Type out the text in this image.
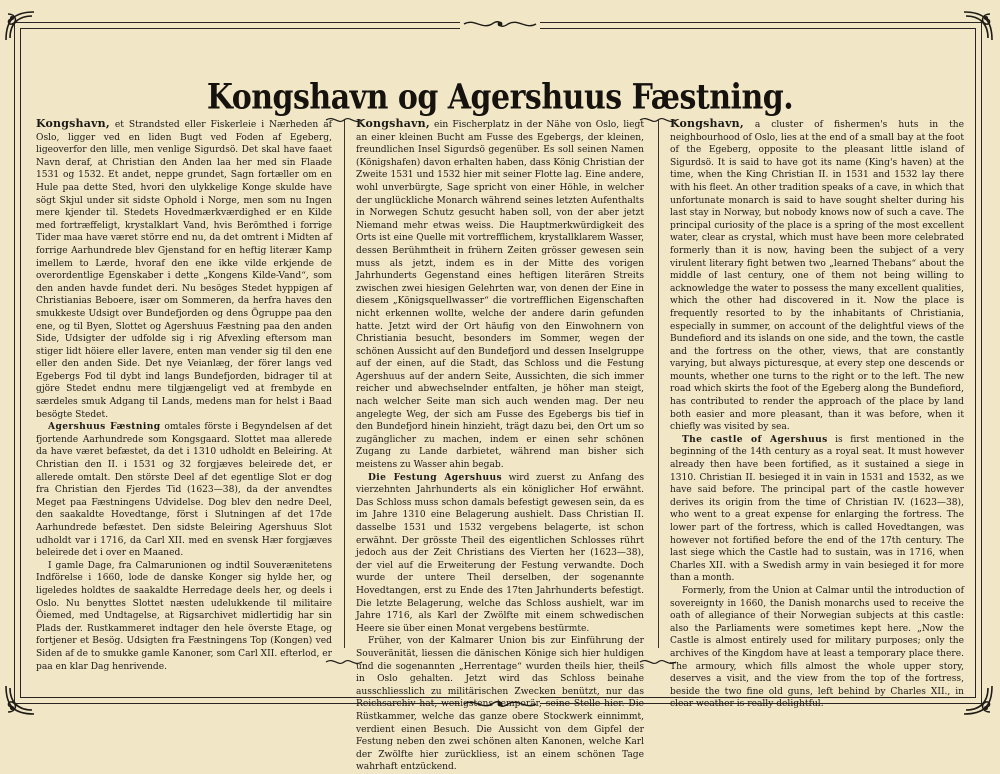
Kongshavn og Agershuus Fæstning.

Kongshavn, et Strandsted eller Fiskerleie i Nærheden af Oslo, ligger ved en liden Bugt ved Foden af Egeberg, ligeoverfor den lille, men venlige Sigurdsö. Det skal have faaet Navn deraf, at Christian den Anden laa her med sin Flaade 1531 og 1532. Et andet, neppe grundet, Sagn fortæller om en Hule paa dette Sted, hvori den ulykkelige Konge skulde have sögt Skjul under sit sidste Ophold i Norge, men som nu Ingen mere kjender til. Stedets Hovedmærkværdighed er en Kilde med fortræffeligt, krystalklart Vand, hvis Berömthed i forrige Tider maa have været större end nu, da det omtrent i Midten af forrige Aarhundrede blev Gjenstand for en heftig literær Kamp imellem to Lærde, hvoraf den ene ikke vilde erkjende de overordentlige Egenskaber i dette „Kongens Kilde-Vand“, som den anden havde fundet deri. Nu besöges Stedet hyppigen af Christianias Beboere, især om Sommeren, da herfra haves den smukkeste Udsigt over Bundefjorden og dens Ögruppe paa den ene, og til Byen, Slottet og Agershuus Fæstning paa den anden Side, Udsigter der udfolde sig i rig Afvexling eftersom man stiger lidt höiere eller lavere, enten man vender sig til den ene eller den anden Side. Det nye Veianlæg, der förer langs ved Egebergs Fod til dybt ind langs Bundefjorden, bidrager til at gjöre Stedet endnu mere tilgjængeligt ved at frembyde en særdeles smuk Adgang til Lands, medens man for helst i Baad besögte Stedet.

Agershuus Fæstning omtales förste i Begyndelsen af det fjortende Aarhundrede som Kongsgaard. Slottet maa allerede da have været befæstet, da det i 1310 udholdt en Beleiring. At Christian den II. i 1531 og 32 forgjæves beleirede det, er allerede omtalt. Den störste Deel af det egentlige Slot er dog fra Christian den Fjerdes Tid (1623—38), da der anvendtes Meget paa Fæstningens Udvidelse. Dog blev den nedre Deel, den saakaldte Hovedtange, först i Slutningen af det 17de Aarhundrede befæstet. Den sidste Beleiring Agershuus Slot udholdt var i 1716, da Carl XII. med en svensk Hær forgjæves beleirede det i over en Maaned.

I gamle Dage, fra Calmarunionen og indtil Souverænitetens Indförelse i 1660, lode de danske Konger sig hylde her, og ligeledes holdtes de saakaldte Herredage deels her, og deels i Oslo. Nu benyttes Slottet næsten udelukkende til militaire Öiemed, med Undtagelse, at Rigsarchivet midlertidig har sin Plads der. Rustkammeret indtager den hele överste Etage, og fortjener et Besög. Udsigten fra Fæstningens Top (Kongen) ved Siden af de to smukke gamle Kanoner, som Carl XII. efterlod, er paa en klar Dag henrivende.

Kongshavn, ein Fischerplatz in der Nähe von Oslo, liegt an einer kleinen Bucht am Fusse des Egebergs, der kleinen, freundlichen Insel Sigurdsö gegenüber. Es soll seinen Namen (Königshafen) davon erhalten haben, dass König Christian der Zweite 1531 und 1532 hier mit seiner Flotte lag. Eine andere, wohl unverbürgte, Sage spricht von einer Höhle, in welcher der unglückliche Monarch während seines letzten Aufenthalts in Norwegen Schutz gesucht haben soll, von der aber jetzt Niemand mehr etwas weiss. Die Hauptmerkwürdigkeit des Orts ist eine Quelle mit vortrefflichem, krystallklarem Wasser, dessen Berühmtheit in frühern Zeiten grösser gewesen sein muss als jetzt, indem es in der Mitte des vorigen Jahrhunderts Gegenstand eines heftigen literären Streits zwischen zwei hiesigen Gelehrten war, von denen der Eine in diesem „Königsquellwasser“ die vortrefflichen Eigenschaften nicht erkennen wollte, welche der andere darin gefunden hatte. Jetzt wird der Ort häufig von den Einwohnern von Christiania besucht, besonders im Sommer, wegen der schönen Aussicht auf den Bundefjord und dessen Inselgruppe auf der einen, auf die Stadt, das Schloss und die Festung Agershuus auf der andern Seite, Aussichten, die sich immer reicher und abwechselnder entfalten, je höher man steigt, nach welcher Seite man sich auch wenden mag. Der neu angelegte Weg, der sich am Fusse des Egebergs bis tief in den Bundefjord hinein hinzieht, trägt dazu bei, den Ort um so zugänglicher zu machen, indem er einen sehr schönen Zugang zu Lande darbietet, während man bisher sich meistens zu Wasser ahin begab.

Die Festung Agershuus wird zuerst zu Anfang des vierzehnten Jahrhunderts als ein königlicher Hof erwähnt. Das Schloss muss schon damals befestigt gewesen sein, da es im Jahre 1310 eine Belagerung aushielt. Dass Christian II. dasselbe 1531 und 1532 vergebens belagerte, ist schon erwähnt. Der grösste Theil des eigentlichen Schlosses rührt jedoch aus der Zeit Christians des Vierten her (1623—38), der viel auf die Erweiterung der Festung verwandte. Doch wurde der untere Theil derselben, der sogenannte Hovedtangen, erst zu Ende des 17ten Jahrhunderts befestigt. Die letzte Belagerung, welche das Schloss aushielt, war im Jahre 1716, als Karl der Zwölfte mit einem schwedischen Heere sie über einen Monat vergebens bestürmte.

Früher, von der Kalmarer Union bis zur Einführung der Souveränität, liessen die dänischen Könige sich hier huldigen und die sogenannten „Herrentage“ wurden theils hier, theils in Oslo gehalten. Jetzt wird das Schloss beinahe ausschliesslich zu militärischen Zwecken benützt, nur das Reichsarchiv hat, wenigstens temporär, seine Stelle hier. Die Rüstkammer, welche das ganze obere Stockwerk einnimmt, verdient einen Besuch. Die Aussicht von dem Gipfel der Festung neben den zwei schönen alten Kanonen, welche Karl der Zwölfte hier zurückliess, ist an einem schönen Tage wahrhaft entzückend.

Kongshavn, a cluster of fishermen's huts in the neighbourhood of Oslo, lies at the end of a small bay at the foot of the Egeberg, opposite to the pleasant little island of Sigurdsö. It is said to have got its name (King's haven) at the time, when the King Christian II. in 1531 and 1532 lay there with his fleet. An other tradition speaks of a cave, in which that unfortunate monarch is said to have sought shelter during his last stay in Norway, but nobody knows now of such a cave. The principal curiosity of the place is a spring of the most excellent water, clear as crystal, which must have been more celebrated formerly than it is now, having been the subject of a very virulent literary fight betwen two „learned Thebans“ about the middle of last century, one of them not being willing to acknowledge the water to possess the many excellent qualities, which the other had discovered in it. Now the place is frequently resorted to by the inhabitants of Christiania, especially in summer, on account of the delightful views of the Bundefiord and its islands on one side, and the town, the castle and the fortress on the other, views, that are constantly varying, but always picturesque, at every step one descends or mounts, whether one turns to the right or to the left. The new road which skirts the foot of the Egeberg along the Bundefiord, has contributed to render the approach of the place by land both easier and more pleasant, than it was before, when it chiefly was visited by sea.

The castle of Agershuus is first mentioned in the beginning of the 14th century as a royal seat. It must however already then have been fortified, as it sustained a siege in 1310. Christian II. besieged it in vain in 1531 and 1532, as we have said before. The principal part of the castle however derives its origin from the time of Christian IV. (1623—38), who went to a great expense for enlarging the fortress. The lower part of the fortress, which is called Hovedtangen, was however not fortified before the end of the 17th century. The last siege which the Castle had to sustain, was in 1716, when Charles XII. with a Swedish army in vain besieged it for more than a month.

Formerly, from the Union at Calmar until the introduction of sovereignty in 1660, the Danish monarchs used to receive the oath of allegiance of their Norwegian subjects at this castle: also the Parliaments were sometimes kept here. „Now the Castle is almost entirely used for military purposes; only the archives of the Kingdom have at least a temporary place there. The armoury, which fills almost the whole upper story, deserves a visit, and the view from the top of the fortress, beside the two fine old guns, left behind by Charles XII., in clear weather is really delightful.
